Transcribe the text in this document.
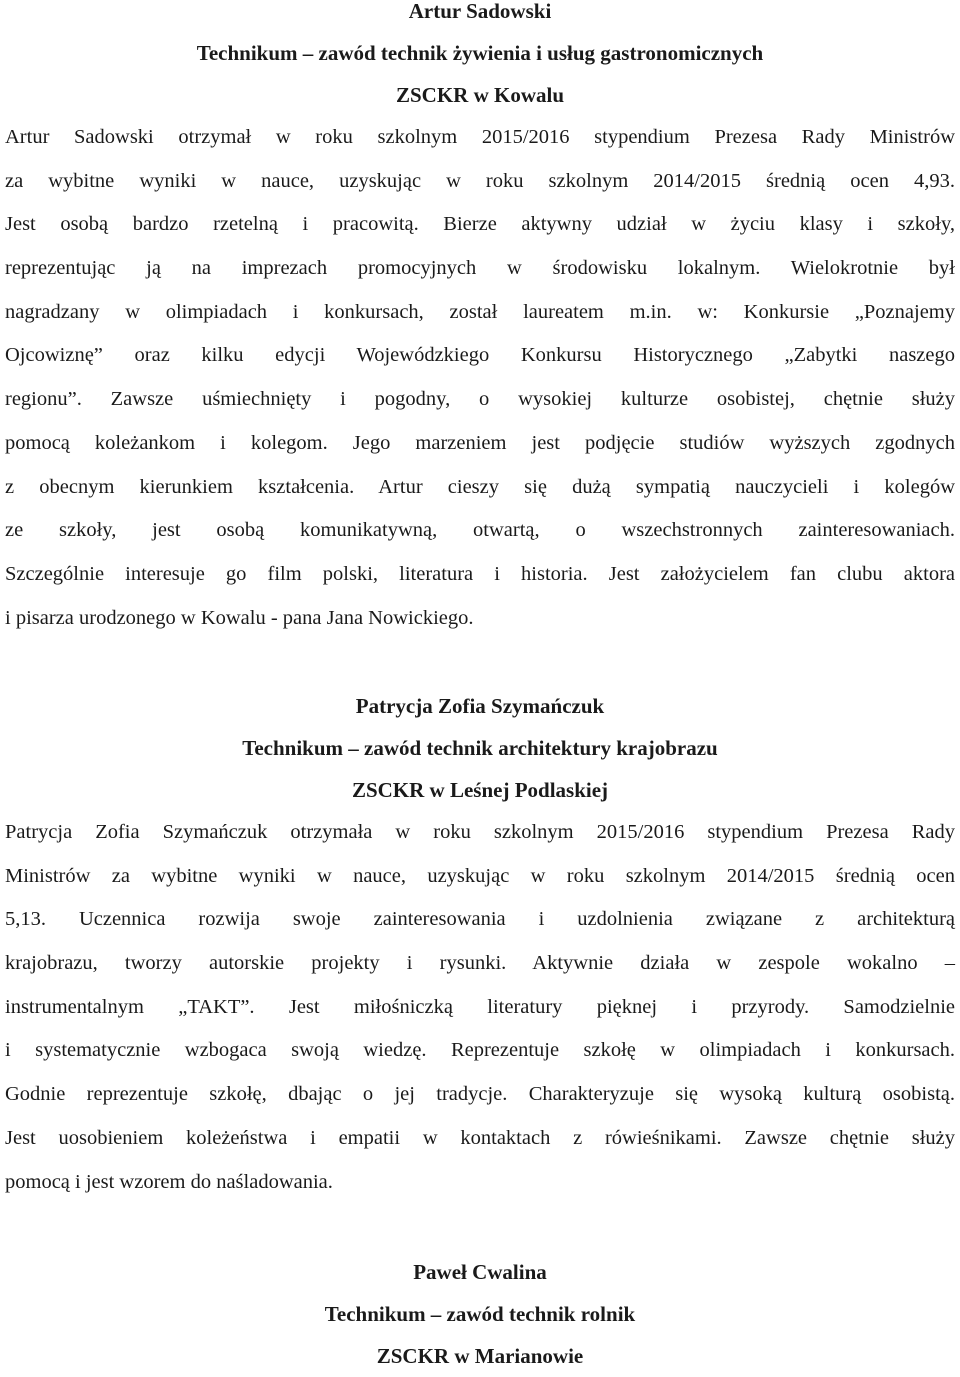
Artur Sadowski
Technikum – zawód technik żywienia i usług gastronomicznych
ZSCKR w Kowalu

Artur Sadowski otrzymał w roku szkolnym 2015/2016 stypendium Prezesa Rady Ministrów
za wybitne wyniki w nauce, uzyskując w roku szkolnym 2014/2015 średnią ocen 4,93.
Jest osobą bardzo rzetelną i pracowitą. Bierze aktywny udział w życiu klasy i szkoły,
reprezentując ją na imprezach promocyjnych w środowisku lokalnym. Wielokrotnie był
nagradzany w olimpiadach i konkursach, został laureatem m.in. w: Konkursie „Poznajemy
Ojcowiznę” oraz kilku edycji Wojewódzkiego Konkursu Historycznego „Zabytki naszego
regionu”. Zawsze uśmiechnięty i pogodny, o wysokiej kulturze osobistej, chętnie służy
pomocą koleżankom i kolegom. Jego marzeniem jest podjęcie studiów wyższych zgodnych
z obecnym kierunkiem kształcenia. Artur cieszy się dużą sympatią nauczycieli i kolegów
ze szkoły, jest osobą komunikatywną, otwartą, o wszechstronnych zainteresowaniach.
Szczególnie interesuje go film polski, literatura i historia. Jest założycielem fan clubu aktora
i pisarza urodzonego w Kowalu - pana Jana Nowickiego.

Patrycja Zofia Szymańczuk
Technikum – zawód technik architektury krajobrazu
ZSCKR w Leśnej Podlaskiej

Patrycja Zofia Szymańczuk otrzymała w roku szkolnym 2015/2016 stypendium Prezesa Rady
Ministrów za wybitne wyniki w nauce, uzyskując w roku szkolnym 2014/2015 średnią ocen
5,13. Uczennica rozwija swoje zainteresowania i uzdolnienia związane z architekturą
krajobrazu, tworzy autorskie projekty i rysunki. Aktywnie działa w zespole wokalno –
instrumentalnym „TAKT”. Jest miłośniczką literatury pięknej i przyrody. Samodzielnie
i systematycznie wzbogaca swoją wiedzę. Reprezentuje szkołę w olimpiadach i konkursach.
Godnie reprezentuje szkołę, dbając o jej tradycje. Charakteryzuje się wysoką kulturą osobistą.
Jest uosobieniem koleżeństwa i empatii w kontaktach z rówieśnikami. Zawsze chętnie służy
pomocą i jest wzorem do naśladowania.

Paweł Cwalina
Technikum – zawód technik rolnik
ZSCKR w Marianowie
